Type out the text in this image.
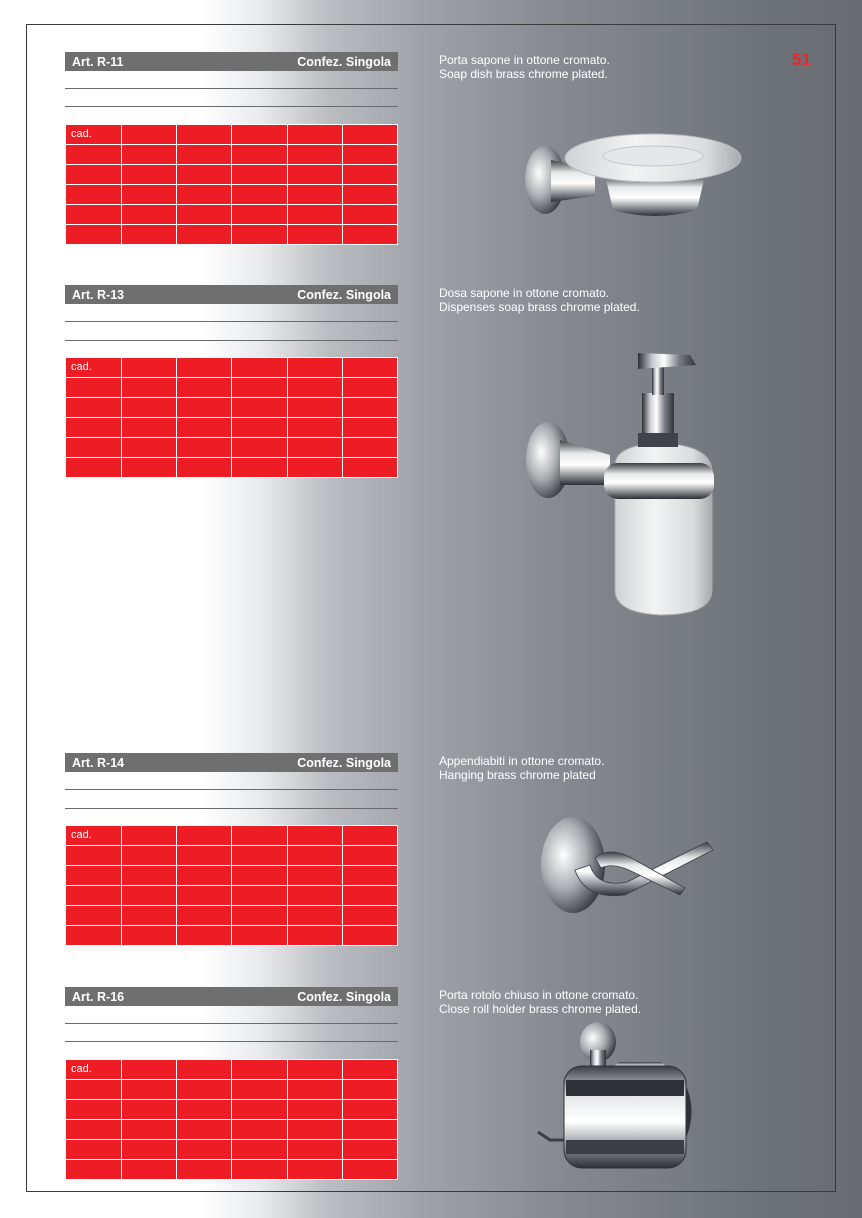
51
Art. R-11	Confez. Singola
cad.					

Porta sapone in ottone cromato.
Soap dish brass chrome plated.
Art. R-13	Confez. Singola
cad.					

Dosa sapone in ottone cromato.
Dispenses soap brass chrome plated.
Art. R-14	Confez. Singola
cad.					

Appendiabiti in ottone cromato.
Hanging brass chrome plated
Art. R-16	Confez. Singola
cad.					

Porta rotolo chiuso in ottone cromato.
Close roll holder brass chrome plated.
